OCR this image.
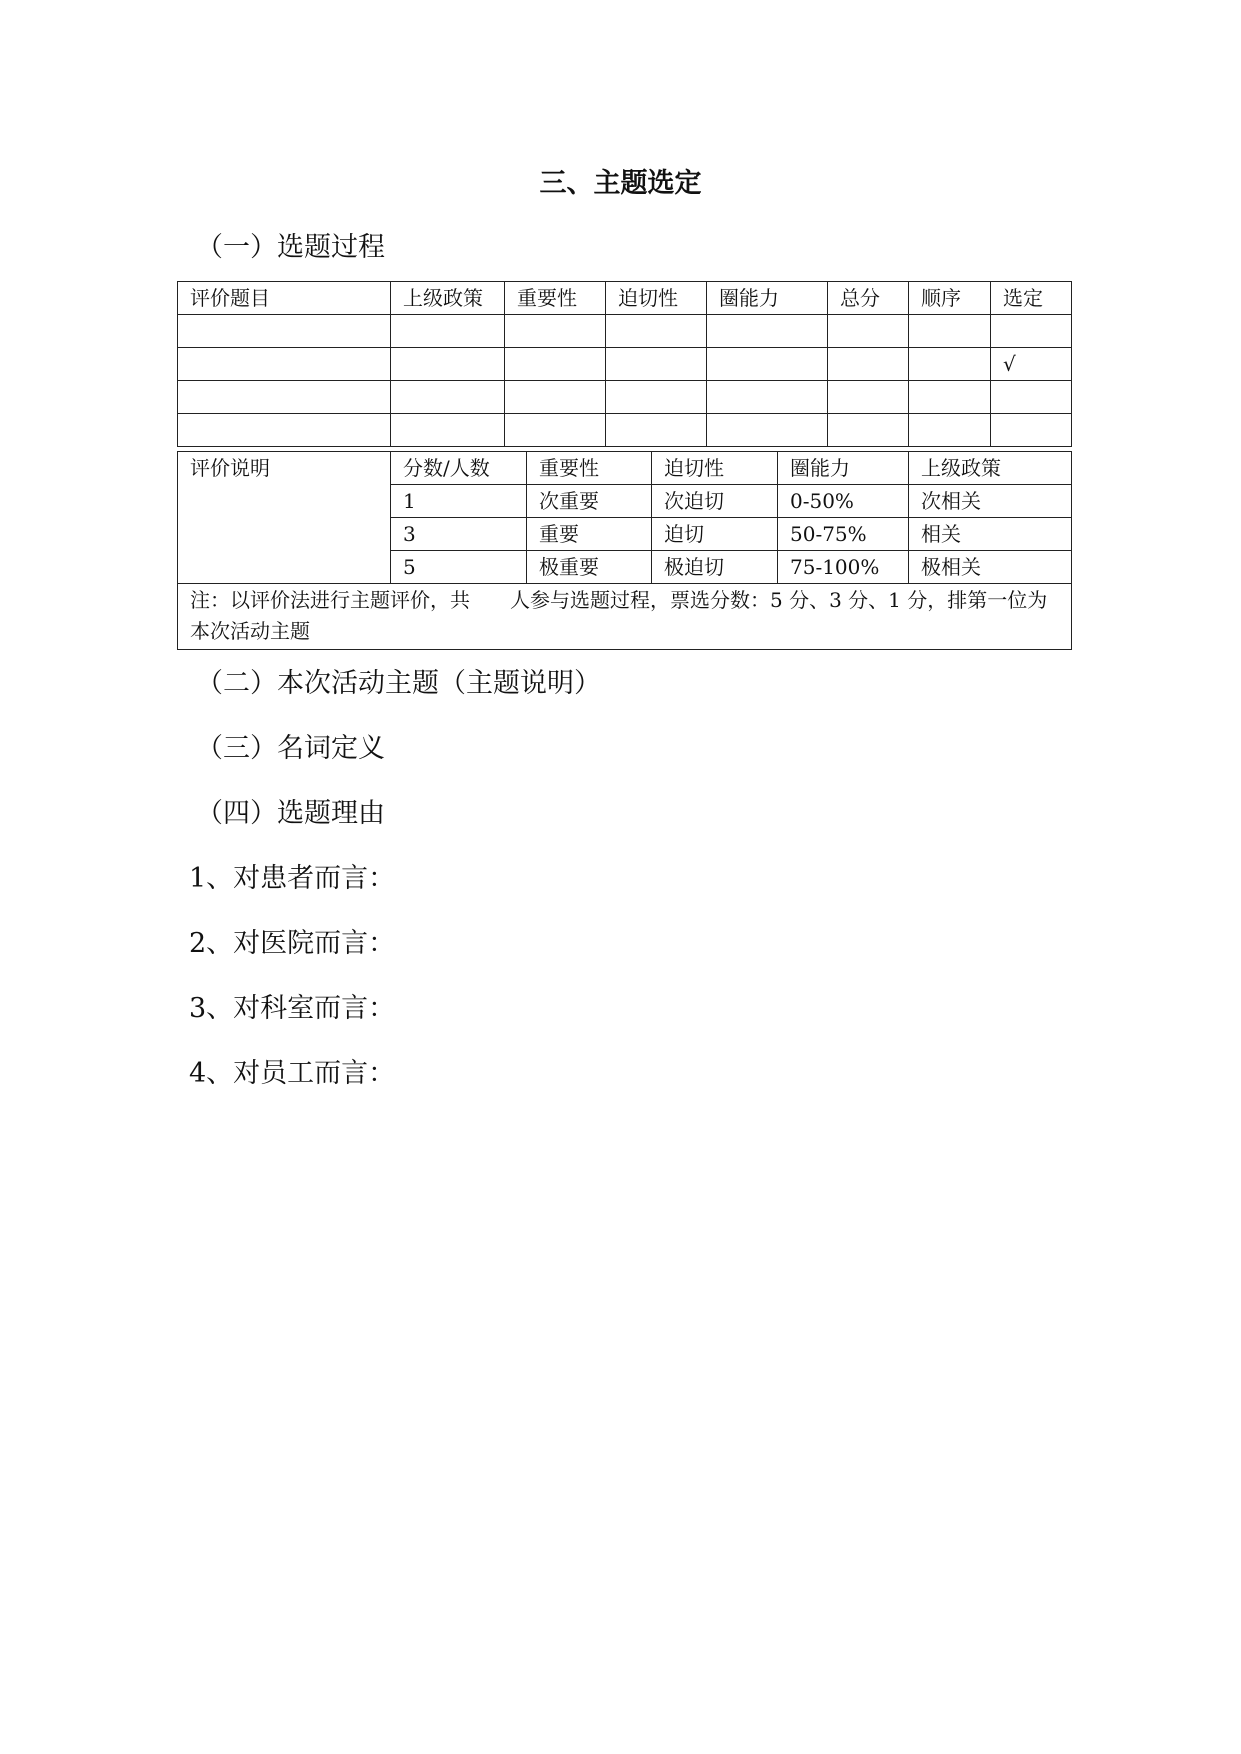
三、主题选定
（一）选题过程
评价题目	上级政策	重要性	迫切性	圈能力	总分	顺序	选定

							√

评价说明	分数/人数	重要性	迫切性	圈能力	上级政策
	1	次重要	次迫切	0-50%	次相关
	3	重要	迫切	50-75%	相关
	5	极重要	极迫切	75-100%	极相关
注：以评价法进行主题评价，共　　人参与选题过程，票选分数：5 分、3 分、1 分，排第一位为本次活动主题					
（二）本次活动主题（主题说明）
（三）名词定义
（四）选题理由
1、对患者而言：
2、对医院而言：
3、对科室而言：
4、对员工而言：
